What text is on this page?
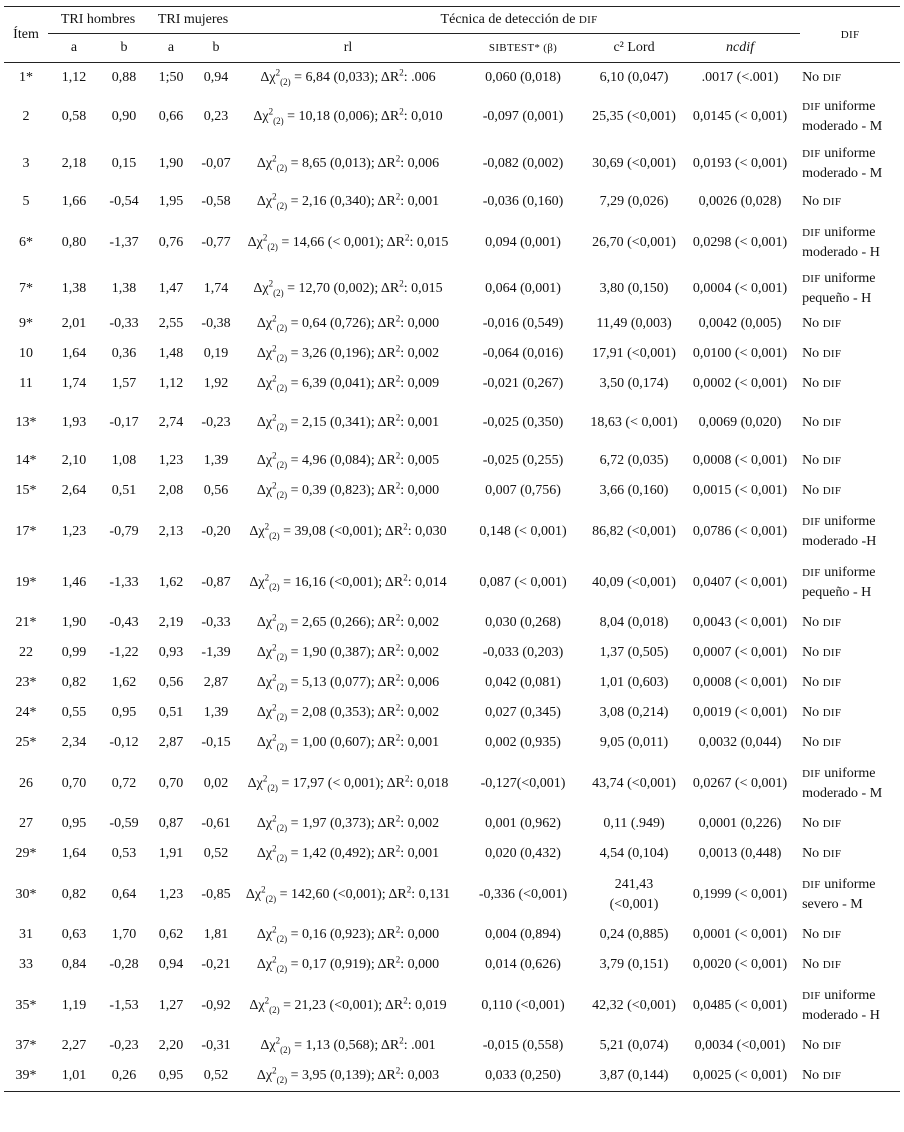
Ítem	TRI hombres		TRI mujeres		Técnica de detección de DIF				DIF
	a	b	a	b	rl	SIBTEST* (β)	c² Lord	ncdif	
1*	1,12	0,88	1;50	0,94	$\Delta\chi^2_{(2)} = 6,84$ (0,033); $\Delta R^2$: .006	0,060 (0,018)	6,10 (0,047)	.0017 (<.001)	No DIF

2	0,58	0,90	0,66	0,23	$\Delta\chi^2_{(2)} = 10,18$ (0,006); $\Delta R^2$: 0,010	-0,097 (0,001)	25,35 (<0,001)	0,0145 (< 0,001)	DIF uniforme
moderado - M

3	2,18	0,15	1,90	-0,07	$\Delta\chi^2_{(2)} = 8,65$ (0,013); $\Delta R^2$: 0,006	-0,082 (0,002)	30,69 (<0,001)	0,0193 (< 0,001)	DIF uniforme
moderado - M

5	1,66	-0,54	1,95	-0,58	$\Delta\chi^2_{(2)} = 2,16$ (0,340); $\Delta R^2$: 0,001	-0,036 (0,160)	7,29 (0,026)	0,0026 (0,028)	No DIF

6*	0,80	-1,37	0,76	-0,77	$\Delta\chi^2_{(2)} = 14,66$ (< 0,001); $\Delta R^2$: 0,015	0,094 (0,001)	26,70 (<0,001)	0,0298 (< 0,001)	DIF uniforme
moderado - H

7*	1,38	1,38	1,47	1,74	$\Delta\chi^2_{(2)} = 12,70$ (0,002); $\Delta R^2$: 0,015	0,064 (0,001)	3,80 (0,150)	0,0004 (< 0,001)	DIF uniforme
pequeño - H

9*	2,01	-0,33	2,55	-0,38	$\Delta\chi^2_{(2)} = 0,64$ (0,726); $\Delta R^2$: 0,000	-0,016 (0,549)	11,49 (0,003)	0,0042 (0,005)	No DIF

10	1,64	0,36	1,48	0,19	$\Delta\chi^2_{(2)} = 3,26$ (0,196); $\Delta R^2$: 0,002	-0,064 (0,016)	17,91 (<0,001)	0,0100 (< 0,001)	No DIF

11	1,74	1,57	1,12	1,92	$\Delta\chi^2_{(2)} = 6,39$ (0,041); $\Delta R^2$: 0,009	-0,021 (0,267)	3,50 (0,174)	0,0002 (< 0,001)	No DIF

13*	1,93	-0,17	2,74	-0,23	$\Delta\chi^2_{(2)} = 2,15$ (0,341); $\Delta R^2$: 0,001	-0,025 (0,350)	18,63 (< 0,001)	0,0069 (0,020)	No DIF

14*	2,10	1,08	1,23	1,39	$\Delta\chi^2_{(2)} = 4,96$ (0,084); $\Delta R^2$: 0,005	-0,025 (0,255)	6,72 (0,035)	0,0008 (< 0,001)	No DIF

15*	2,64	0,51	2,08	0,56	$\Delta\chi^2_{(2)} = 0,39$ (0,823); $\Delta R^2$: 0,000	0,007 (0,756)	3,66 (0,160)	0,0015 (< 0,001)	No DIF

17*	1,23	-0,79	2,13	-0,20	$\Delta\chi^2_{(2)} = 39,08$ (<0,001); $\Delta R^2$: 0,030	0,148 (< 0,001)	86,82 (<0,001)	0,0786 (< 0,001)	DIF uniforme
moderado -H

19*	1,46	-1,33	1,62	-0,87	$\Delta\chi^2_{(2)} = 16,16$ (<0,001); $\Delta R^2$: 0,014	0,087 (< 0,001)	40,09 (<0,001)	0,0407 (< 0,001)	DIF uniforme
pequeño - H

21*	1,90	-0,43	2,19	-0,33	$\Delta\chi^2_{(2)} = 2,65$ (0,266); $\Delta R^2$: 0,002	0,030 (0,268)	8,04 (0,018)	0,0043 (< 0,001)	No DIF

22	0,99	-1,22	0,93	-1,39	$\Delta\chi^2_{(2)} = 1,90$ (0,387); $\Delta R^2$: 0,002	-0,033 (0,203)	1,37 (0,505)	0,0007 (< 0,001)	No DIF

23*	0,82	1,62	0,56	2,87	$\Delta\chi^2_{(2)} = 5,13$ (0,077); $\Delta R^2$: 0,006	0,042 (0,081)	1,01 (0,603)	0,0008 (< 0,001)	No DIF

24*	0,55	0,95	0,51	1,39	$\Delta\chi^2_{(2)} = 2,08$ (0,353); $\Delta R^2$: 0,002	0,027 (0,345)	3,08 (0,214)	0,0019 (< 0,001)	No DIF

25*	2,34	-0,12	2,87	-0,15	$\Delta\chi^2_{(2)} = 1,00$ (0,607); $\Delta R^2$: 0,001	0,002 (0,935)	9,05 (0,011)	0,0032 (0,044)	No DIF

26	0,70	0,72	0,70	0,02	$\Delta\chi^2_{(2)} = 17,97$ (< 0,001); $\Delta R^2$: 0,018	-0,127(<0,001)	43,74 (<0,001)	0,0267 (< 0,001)	DIF uniforme
moderado - M

27	0,95	-0,59	0,87	-0,61	$\Delta\chi^2_{(2)} = 1,97$ (0,373); $\Delta R^2$: 0,002	0,001 (0,962)	0,11 (.949)	0,0001 (0,226)	No DIF

29*	1,64	0,53	1,91	0,52	$\Delta\chi^2_{(2)} = 1,42$ (0,492); $\Delta R^2$: 0,001	0,020 (0,432)	4,54 (0,104)	0,0013 (0,448)	No DIF

30*	0,82	0,64	1,23	-0,85	$\Delta\chi^2_{(2)} = 142,60$ (<0,001); $\Delta R^2$: 0,131	-0,336 (<0,001)	241,43 (<0,001)	0,1999 (< 0,001)	DIF uniforme
severo - M

31	0,63	1,70	0,62	1,81	$\Delta\chi^2_{(2)} = 0,16$ (0,923); $\Delta R^2$: 0,000	0,004 (0,894)	0,24 (0,885)	0,0001 (< 0,001)	No DIF

33	0,84	-0,28	0,94	-0,21	$\Delta\chi^2_{(2)} = 0,17$ (0,919); $\Delta R^2$: 0,000	0,014 (0,626)	3,79 (0,151)	0,0020 (< 0,001)	No DIF

35*	1,19	-1,53	1,27	-0,92	$\Delta\chi^2_{(2)} = 21,23$ (<0,001); $\Delta R^2$: 0,019	0,110 (<0,001)	42,32 (<0,001)	0,0485 (< 0,001)	DIF uniforme
moderado - H

37*	2,27	-0,23	2,20	-0,31	$\Delta\chi^2_{(2)} = 1,13$ (0,568); $\Delta R^2$: .001	-0,015 (0,558)	5,21 (0,074)	0,0034 (<0,001)	No DIF

39*	1,01	0,26	0,95	0,52	$\Delta\chi^2_{(2)} = 3,95$ (0,139); $\Delta R^2$: 0,003	0,033 (0,250)	3,87 (0,144)	0,0025 (< 0,001)	No DIF
